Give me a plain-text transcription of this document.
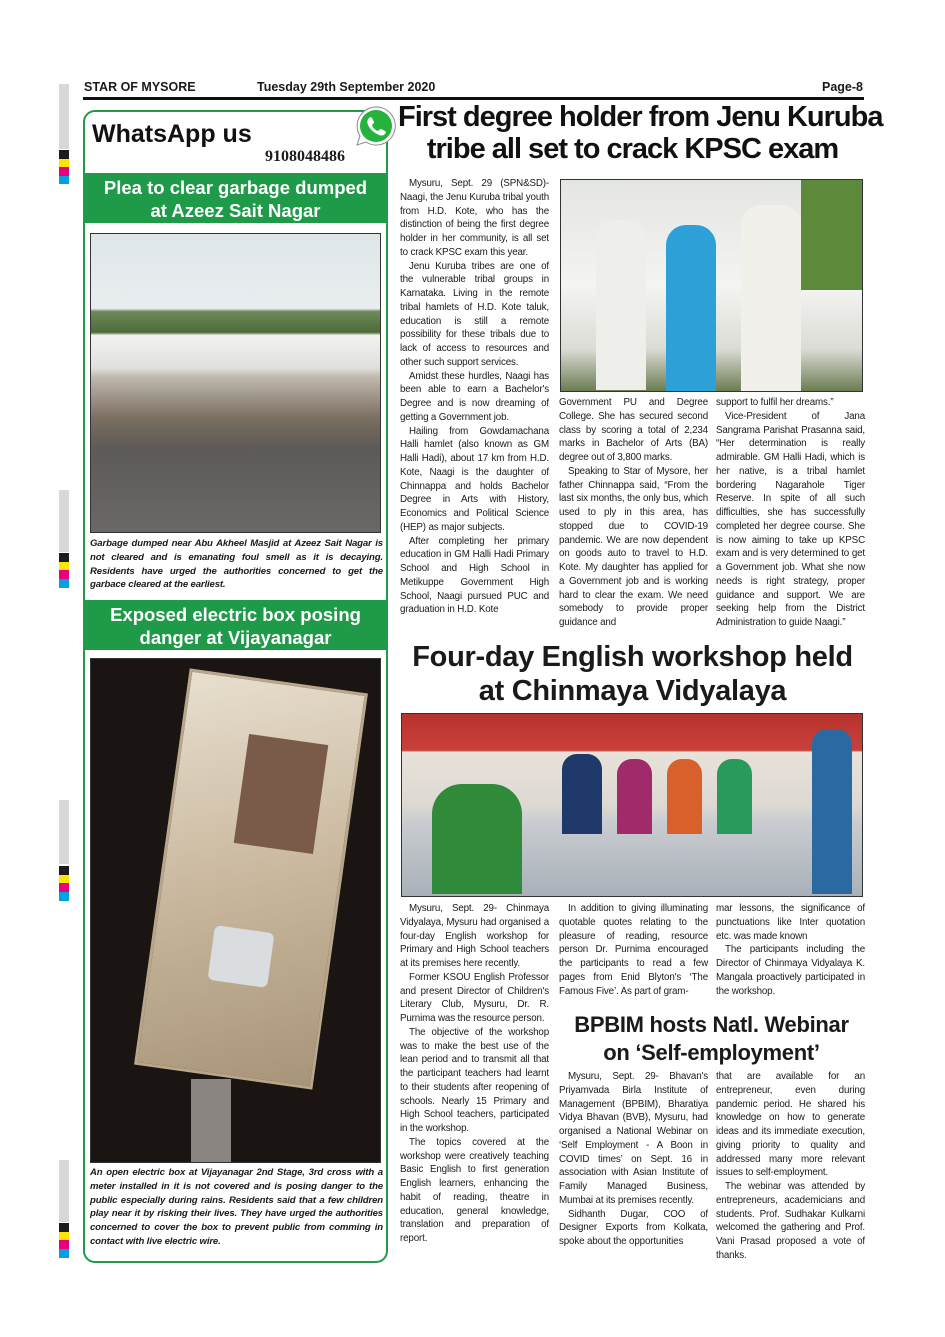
STAR OF MYSORE	Tuesday 29th September 2020	Page-8
WhatsApp us
9108048486
Plea to clear garbage dumped
at Azeez Sait Nagar
Garbage dumped near Abu Akheel Masjid at Azeez Sait Nagar is not cleared and is emanating foul smell as it is decaying. Residents have urged the authorities concerned to get the garbace cleared at the earliest.
Exposed electric box posing
danger at Vijayanagar
An open electric box at Vijayanagar 2nd Stage, 3rd cross with a meter installed in it is not covered and is posing danger to the public especially during rains. Residents said that a few children play near it by risking their lives. They have urged the authorities concerned to cover the box to prevent public from comming in contact with live electric wire.
First degree holder from Jenu Kuruba
tribe all set to crack KPSC exam

Mysuru, Sept. 29 (SPN&SD)- Naagi, the Jenu Kuruba tribal youth from H.D. Kote, who has the distinction of being the first degree holder in her community, is all set to crack KPSC exam this year.

Jenu Kuruba tribes are one of the vulnerable tribal groups in Karnataka. Living in the remote tribal hamlets of H.D. Kote taluk, education is still a remote possibility for these tribals due to lack of access to resources and other such support services.

Amidst these hurdles, Naagi has been able to earn a Bachelor's Degree and is now dreaming of getting a Government job.

Hailing from Gowdamachana Halli hamlet (also known as GM Halli Hadi), about 17 km from H.D. Kote, Naagi is the daughter of Chinnappa and holds Bachelor Degree in Arts with History, Economics and Political Science (HEP) as major subjects.

After completing her primary education in GM Halli Hadi Primary School and High School in Metikuppe Government High School, Naagi pursued PUC and graduation in H.D. Kote

Government PU and Degree College. She has secured second class by scoring a total of 2,234 marks in Bachelor of Arts (BA) degree out of 3,800 marks.

Speaking to Star of Mysore, her father Chinnappa said, “From the last six months, the only bus, which used to ply in this area, has stopped due to COVID-19 pandemic. We are now dependent on goods auto to travel to H.D. Kote. My daughter has applied for a Government job and is working hard to clear the exam. We need somebody to provide proper guidance and

support to fulfil her dreams.”

Vice-President of Jana Sangrama Parishat Prasanna said, “Her determination is really admirable. GM Halli Hadi, which is her native, is a tribal hamlet bordering Nagarahole Tiger Reserve. In spite of all such difficulties, she has successfully completed her degree course. She is now aiming to take up KPSC exam and is very determined to get a Government job. What she now needs is right strategy, proper guidance and support. We are seeking help from the District Administration to guide Naagi.”

Four-day English workshop held
at Chinmaya Vidyalaya

Mysuru, Sept. 29- Chinmaya Vidyalaya, Mysuru had organised a four-day English workshop for Primary and High School teachers at its premises here recently.

Former KSOU English Professor and present Director of Children's Literary Club, Mysuru, Dr. R. Purnima was the resource person.

The objective of the workshop was to make the best use of the lean period and to transmit all that the participant teachers had learnt to their students after reopening of schools. Nearly 15 Primary and High School teachers, participated in the workshop.

The topics covered at the workshop were creatively teaching Basic English to first generation English learners, enhancing the habit of reading, theatre in education, general knowledge, translation and preparation of report.

In addition to giving illuminating quotable quotes relating to the pleasure of reading, resource person Dr. Purnima encouraged the participants to read a few pages from Enid Blyton's ‘The Famous Five’. As part of gram-

mar lessons, the significance of punctuations like Inter quotation etc. was made known

The participants including the Director of Chinmaya Vidyalaya K. Mangala proactively participated in the workshop.

BPBIM hosts Natl. Webinar
on ‘Self-employment’

Mysuru, Sept. 29- Bhavan's Priyamvada Birla Institute of Management (BPBIM), Bharatiya Vidya Bhavan (BVB), Mysuru, had organised a National Webinar on ‘Self Employment - A Boon in COVID times’ on Sept. 16 in association with Asian Institute of Family Managed Business, Mumbai at its premises recently.

Sidhanth Dugar, COO of Designer Exports from Kolkata, spoke about the opportunities

that are available for an entrepreneur, even during pandemic period. He shared his knowledge on how to generate ideas and its immediate execution, giving priority to quality and addressed many more relevant issues to self-employment.

The webinar was attended by entrepreneurs, academicians and students. Prof. Sudhakar Kulkarni welcomed the gathering and Prof. Vani Prasad proposed a vote of thanks.
